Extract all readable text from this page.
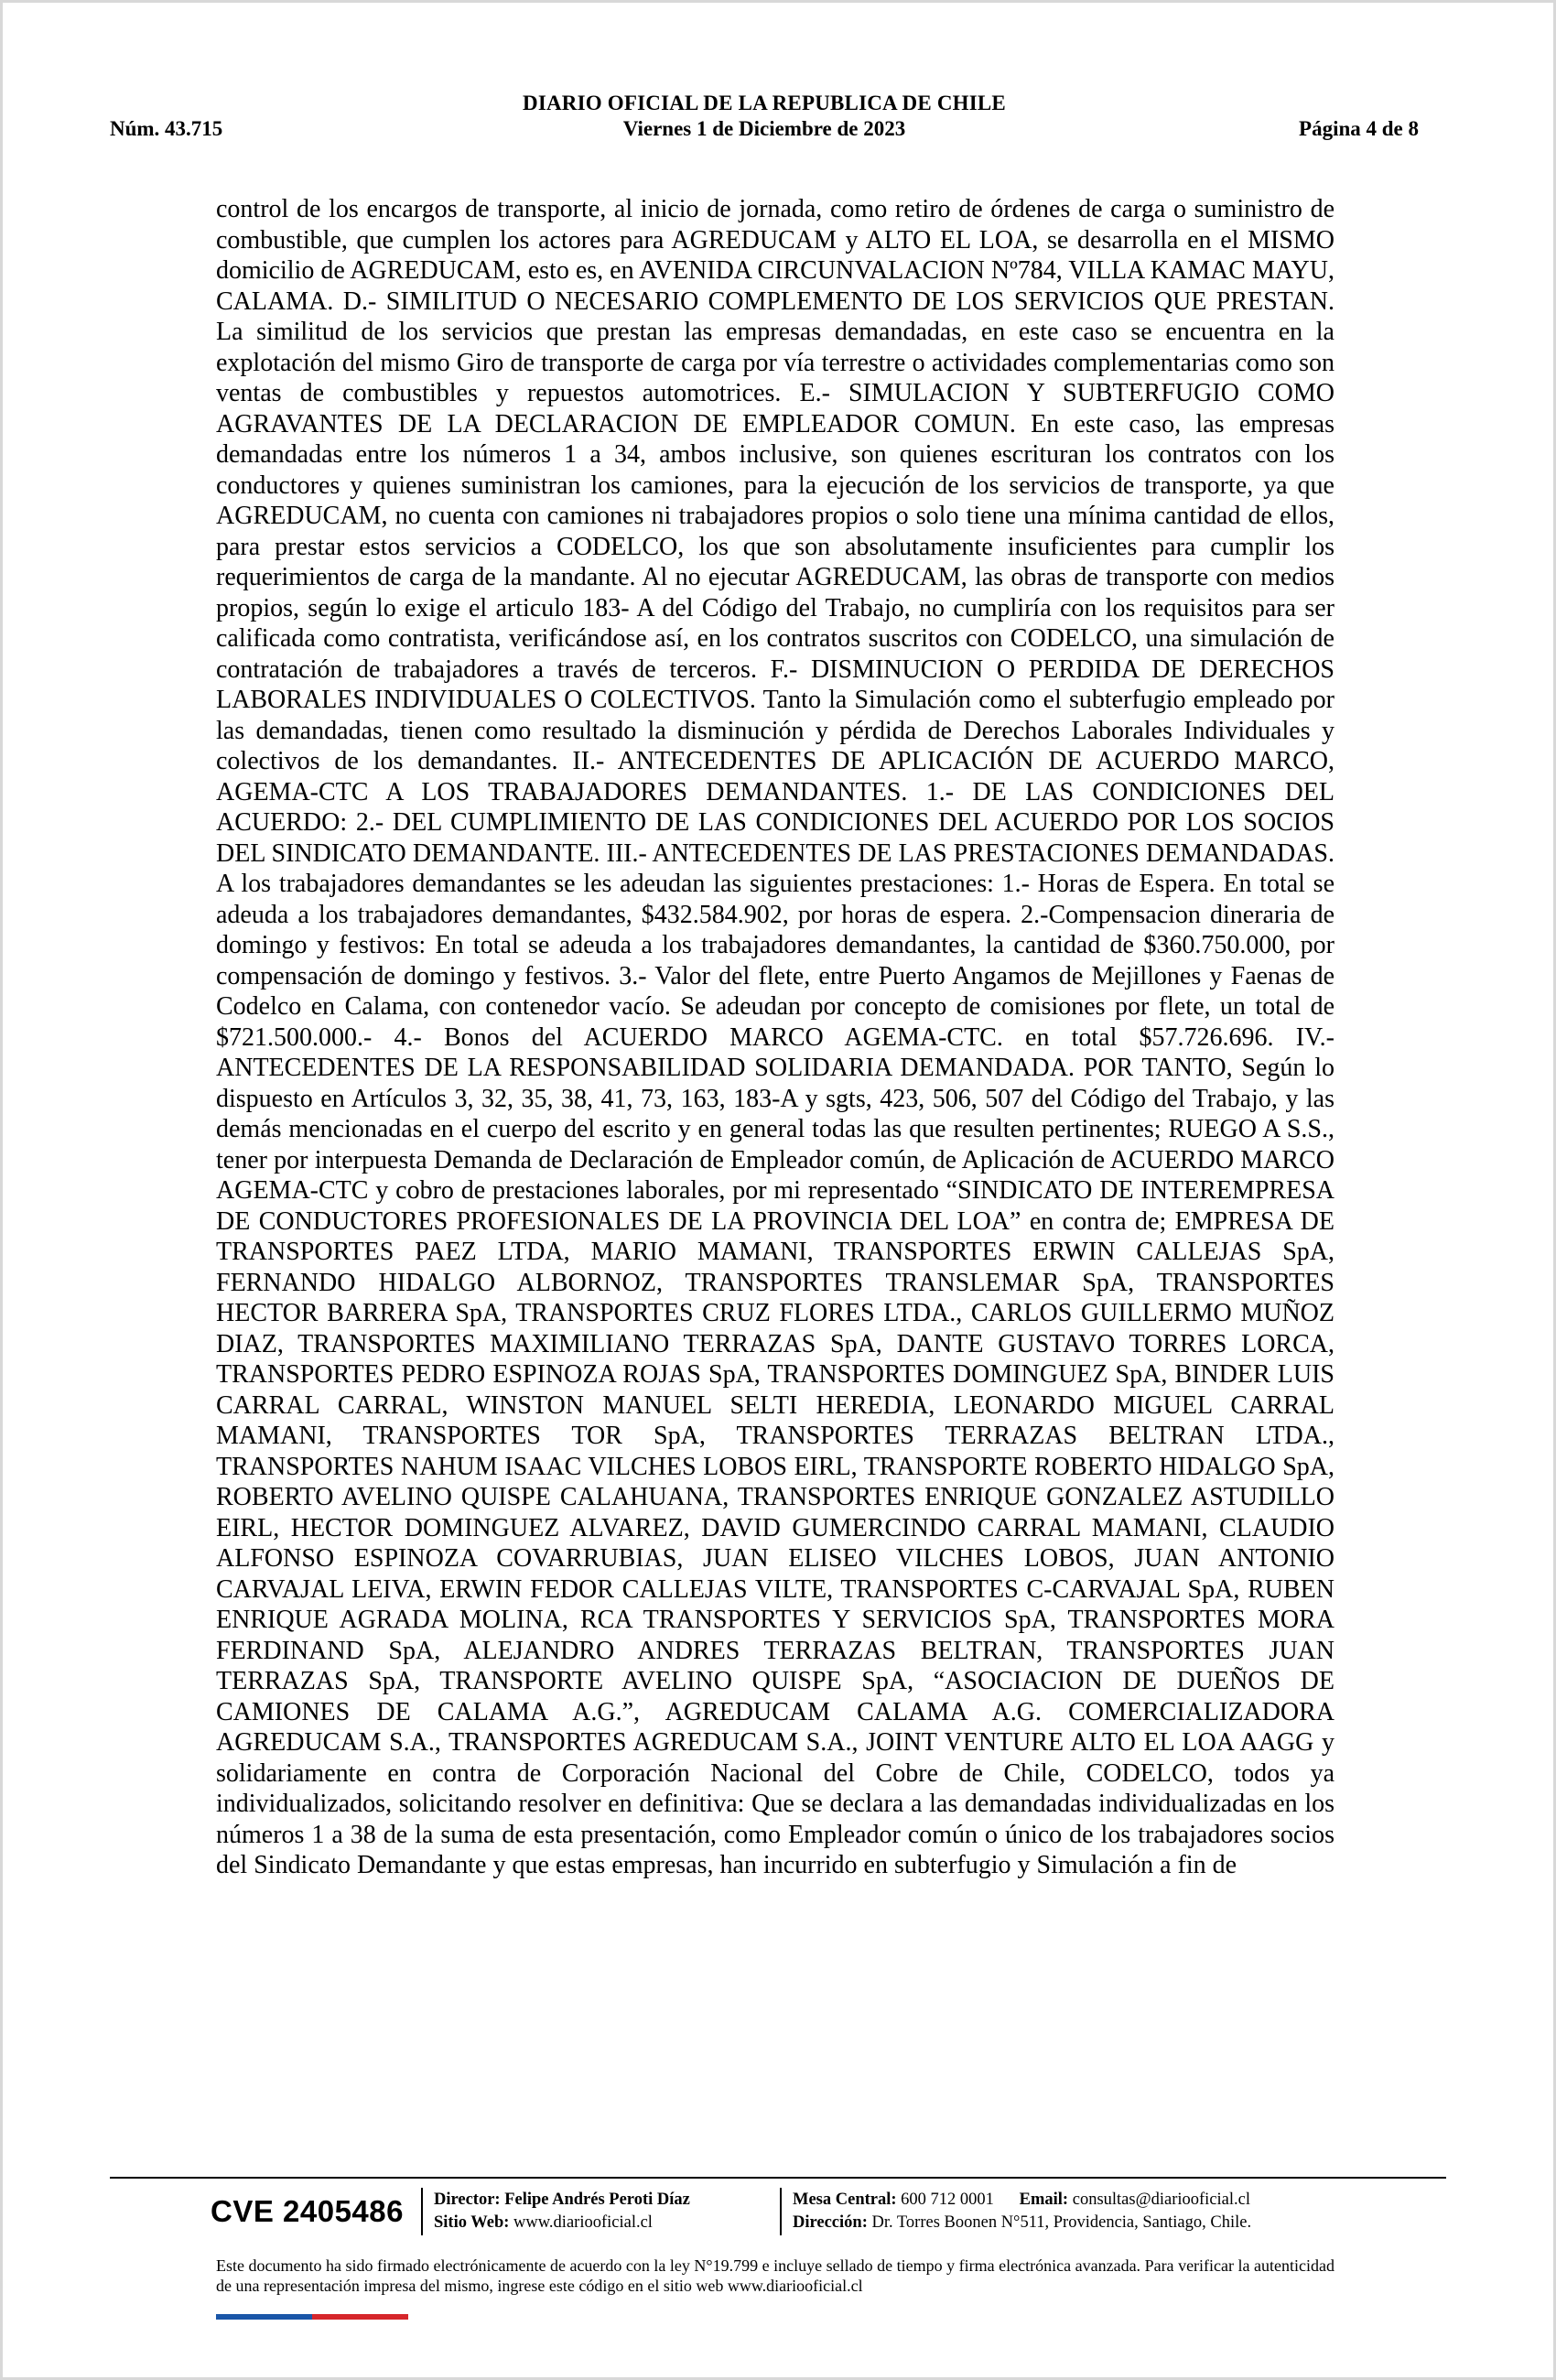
DIARIO OFICIAL DE LA REPUBLICA DE CHILE
Núm. 43.715	Viernes 1 de Diciembre de 2023	Página 4 de 8
control de los encargos de transporte, al inicio de jornada, como retiro de órdenes de carga o suministro de combustible, que cumplen los actores para AGREDUCAM y ALTO EL LOA, se desarrolla en el MISMO domicilio de AGREDUCAM, esto es, en AVENIDA CIRCUNVALACION Nº784, VILLA KAMAC MAYU, CALAMA. D.- SIMILITUD O NECESARIO COMPLEMENTO DE LOS SERVICIOS QUE PRESTAN. La similitud de los servicios que prestan las empresas demandadas, en este caso se encuentra en la explotación del mismo Giro de transporte de carga por vía terrestre o actividades complementarias como son ventas de combustibles y repuestos automotrices. E.- SIMULACION Y SUBTERFUGIO COMO AGRAVANTES DE LA DECLARACION DE EMPLEADOR COMUN. En este caso, las empresas demandadas entre los números 1 a 34, ambos inclusive, son quienes escrituran los contratos con los conductores y quienes suministran los camiones, para la ejecución de los servicios de transporte, ya que AGREDUCAM, no cuenta con camiones ni trabajadores propios o solo tiene una mínima cantidad de ellos, para prestar estos servicios a CODELCO, los que son absolutamente insuficientes para cumplir los requerimientos de carga de la mandante. Al no ejecutar AGREDUCAM, las obras de transporte con medios propios, según lo exige el articulo 183- A del Código del Trabajo, no cumpliría con los requisitos para ser calificada como contratista, verificándose así, en los contratos suscritos con CODELCO, una simulación de contratación de trabajadores a través de terceros. F.- DISMINUCION O PERDIDA DE DERECHOS LABORALES INDIVIDUALES O COLECTIVOS. Tanto la Simulación como el subterfugio empleado por las demandadas, tienen como resultado la disminución y pérdida de Derechos Laborales Individuales y colectivos de los demandantes. II.- ANTECEDENTES DE APLICACIÓN DE ACUERDO MARCO, AGEMA-CTC A LOS TRABAJADORES DEMANDANTES. 1.- DE LAS CONDICIONES DEL ACUERDO: 2.- DEL CUMPLIMIENTO DE LAS CONDICIONES DEL ACUERDO POR LOS SOCIOS DEL SINDICATO DEMANDANTE. III.- ANTECEDENTES DE LAS PRESTACIONES DEMANDADAS. A los trabajadores demandantes se les adeudan las siguientes prestaciones: 1.- Horas de Espera. En total se adeuda a los trabajadores demandantes, $432.584.902, por horas de espera. 2.-Compensacion dineraria de domingo y festivos: En total se adeuda a los trabajadores demandantes, la cantidad de $360.750.000, por compensación de domingo y festivos. 3.- Valor del flete, entre Puerto Angamos de Mejillones y Faenas de Codelco en Calama, con contenedor vacío. Se adeudan por concepto de comisiones por flete, un total de $721.500.000.- 4.- Bonos del ACUERDO MARCO AGEMA-CTC. en total $57.726.696. IV.- ANTECEDENTES DE LA RESPONSABILIDAD SOLIDARIA DEMANDADA. POR TANTO, Según lo dispuesto en Artículos 3, 32, 35, 38, 41, 73, 163, 183-A y sgts, 423, 506, 507 del Código del Trabajo, y las demás mencionadas en el cuerpo del escrito y en general todas las que resulten pertinentes; RUEGO A S.S., tener por interpuesta Demanda de Declaración de Empleador común, de Aplicación de ACUERDO MARCO AGEMA-CTC y cobro de prestaciones laborales, por mi representado “SINDICATO DE INTEREMPRESA DE CONDUCTORES PROFESIONALES DE LA PROVINCIA DEL LOA” en contra de; EMPRESA DE TRANSPORTES PAEZ LTDA, MARIO MAMANI, TRANSPORTES ERWIN CALLEJAS SpA, FERNANDO HIDALGO ALBORNOZ, TRANSPORTES TRANSLEMAR SpA, TRANSPORTES HECTOR BARRERA SpA, TRANSPORTES CRUZ FLORES LTDA., CARLOS GUILLERMO MUÑOZ DIAZ, TRANSPORTES MAXIMILIANO TERRAZAS SpA, DANTE GUSTAVO TORRES LORCA, TRANSPORTES PEDRO ESPINOZA ROJAS SpA, TRANSPORTES DOMINGUEZ SpA, BINDER LUIS CARRAL CARRAL, WINSTON MANUEL SELTI HEREDIA, LEONARDO MIGUEL CARRAL MAMANI, TRANSPORTES TOR SpA, TRANSPORTES TERRAZAS BELTRAN LTDA., TRANSPORTES NAHUM ISAAC VILCHES LOBOS EIRL, TRANSPORTE ROBERTO HIDALGO SpA, ROBERTO AVELINO QUISPE CALAHUANA, TRANSPORTES ENRIQUE GONZALEZ ASTUDILLO EIRL, HECTOR DOMINGUEZ ALVAREZ, DAVID GUMERCINDO CARRAL MAMANI, CLAUDIO ALFONSO ESPINOZA COVARRUBIAS, JUAN ELISEO VILCHES LOBOS, JUAN ANTONIO CARVAJAL LEIVA, ERWIN FEDOR CALLEJAS VILTE, TRANSPORTES C-CARVAJAL SpA, RUBEN ENRIQUE AGRADA MOLINA, RCA TRANSPORTES Y SERVICIOS SpA, TRANSPORTES MORA FERDINAND SpA, ALEJANDRO ANDRES TERRAZAS BELTRAN, TRANSPORTES JUAN TERRAZAS SpA, TRANSPORTE AVELINO QUISPE SpA, “ASOCIACION DE DUEÑOS DE CAMIONES DE CALAMA A.G.”, AGREDUCAM CALAMA A.G. COMERCIALIZADORA AGREDUCAM S.A., TRANSPORTES AGREDUCAM S.A., JOINT VENTURE ALTO EL LOA AAGG y solidariamente en contra de Corporación Nacional del Cobre de Chile, CODELCO, todos ya individualizados, solicitando resolver en definitiva: Que se declara a las demandadas individualizadas en los números 1 a 38 de la suma de esta presentación, como Empleador común o único de los trabajadores socios del Sindicato Demandante y que estas empresas, han incurrido en subterfugio y Simulación a fin de
CVE 2405486	Director: Felipe Andrés Peroti Díaz
Sitio Web: www.diariooficial.cl
Mesa Central: 600 712 0001 Email: consultas@diariooficial.cl
Dirección: Dr. Torres Boonen N°511, Providencia, Santiago, Chile.
Este documento ha sido firmado electrónicamente de acuerdo con la ley N°19.799 e incluye sellado de tiempo y firma electrónica avanzada. Para verificar la autenticidad de una representación impresa del mismo, ingrese este código en el sitio web www.diariooficial.cl
